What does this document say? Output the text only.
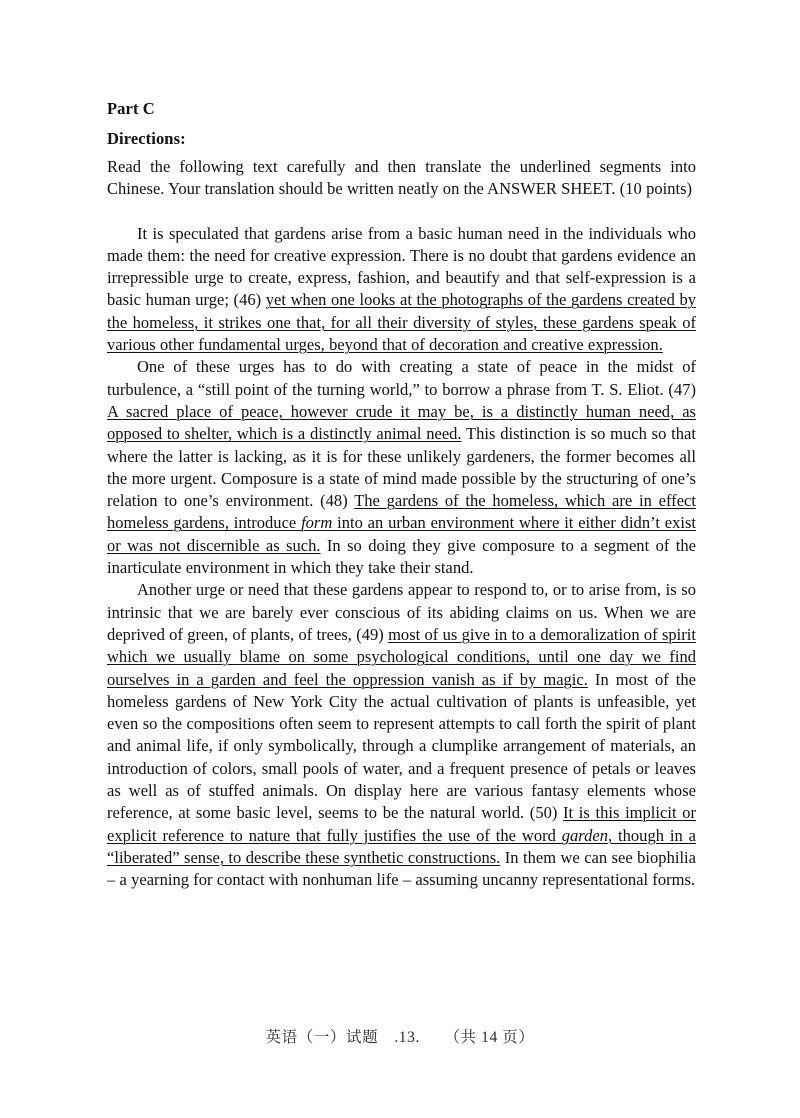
Part C
Directions:

Read the following text carefully and then translate the underlined segments into Chinese. Your translation should be written neatly on the ANSWER SHEET. (10 points)

It is speculated that gardens arise from a basic human need in the individuals who made them: the need for creative expression. There is no doubt that gardens evidence an irrepressible urge to create, express, fashion, and beautify and that self-expression is a basic human urge; (46) yet when one looks at the photographs of the gardens created by the homeless, it strikes one that, for all their diversity of styles, these gardens speak of various other fundamental urges, beyond that of decoration and creative expression.

One of these urges has to do with creating a state of peace in the midst of turbulence, a “still point of the turning world,” to borrow a phrase from T. S. Eliot. (47) A sacred place of peace, however crude it may be, is a distinctly human need, as opposed to shelter, which is a distinctly animal need. This distinction is so much so that where the latter is lacking, as it is for these unlikely gardeners, the former becomes all the more urgent. Composure is a state of mind made possible by the structuring of one’s relation to one’s environment. (48) The gardens of the homeless, which are in effect homeless gardens, introduce form into an urban environment where it either didn’t exist or was not discernible as such. In so doing they give composure to a segment of the inarticulate environment in which they take their stand.

Another urge or need that these gardens appear to respond to, or to arise from, is so intrinsic that we are barely ever conscious of its abiding claims on us. When we are deprived of green, of plants, of trees, (49) most of us give in to a demoralization of spirit which we usually blame on some psychological conditions, until one day we find ourselves in a garden and feel the oppression vanish as if by magic. In most of the homeless gardens of New York City the actual cultivation of plants is unfeasible, yet even so the compositions often seem to represent attempts to call forth the spirit of plant and animal life, if only symbolically, through a clumplike arrangement of materials, an introduction of colors, small pools of water, and a frequent presence of petals or leaves as well as of stuffed animals. On display here are various fantasy elements whose reference, at some basic level, seems to be the natural world. (50) It is this implicit or explicit reference to nature that fully justifies the use of the word garden, though in a “liberated” sense, to describe these synthetic constructions. In them we can see biophilia – a yearning for contact with nonhuman life – assuming uncanny representational forms.

英语（一）试题　.13.　　（共 14 页）
